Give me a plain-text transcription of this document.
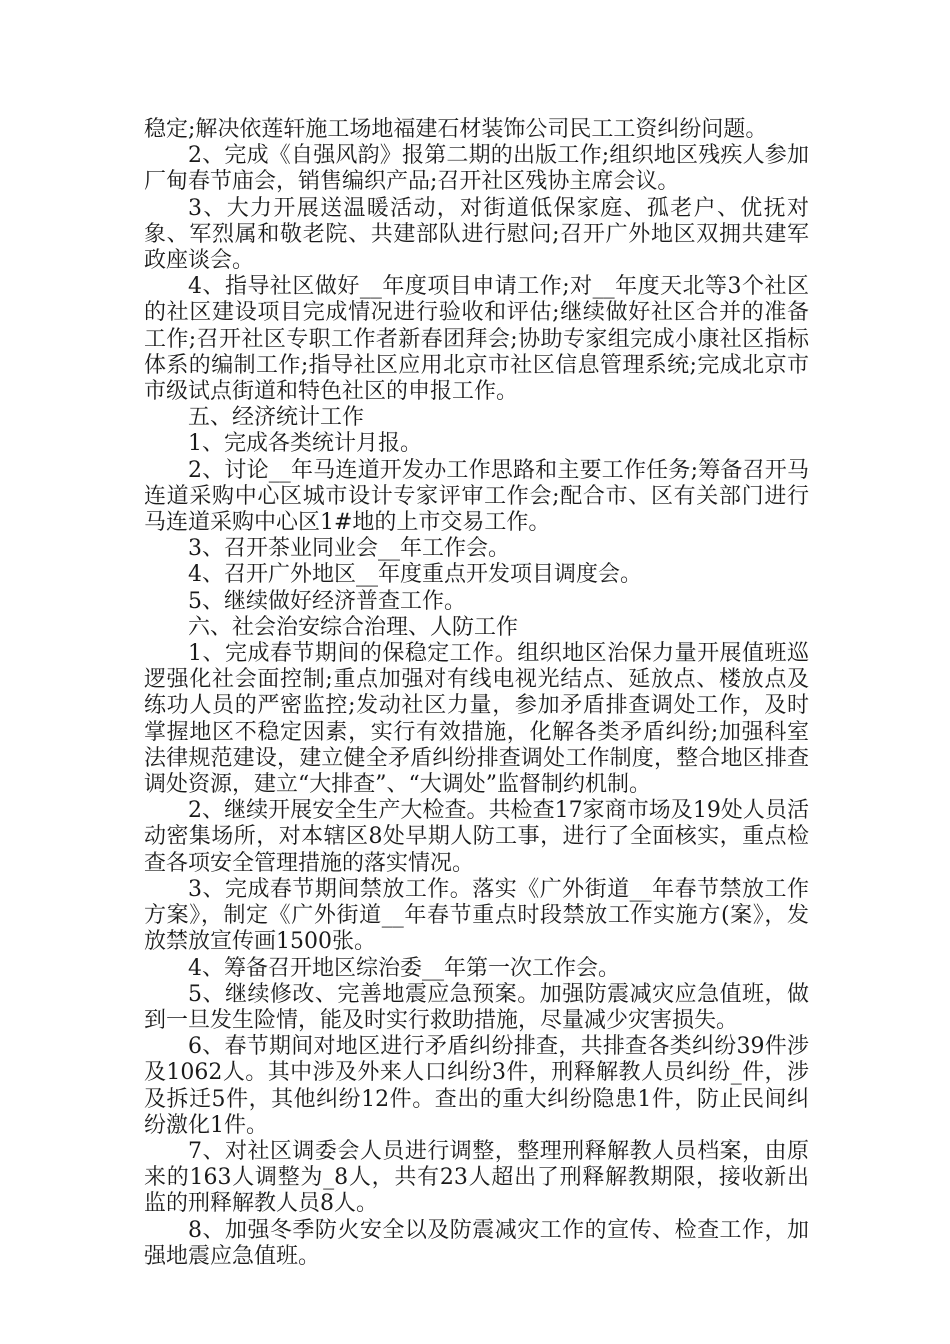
稳定;解决依莲轩施工场地福建石材装饰公司民工工资纠纷问题。

2、完成《自强风韵》报第二期的出版工作;组织地区残疾人参加厂甸春节庙会，销售编织产品;召开社区残协主席会议。

3、大力开展送温暖活动，对街道低保家庭、孤老户、优抚对象、军烈属和敬老院、共建部队进行慰问;召开广外地区双拥共建军政座谈会。

4、指导社区做好__年度项目申请工作;对__年度天北等3个社区的社区建设项目完成情况进行验收和评估;继续做好社区合并的准备工作;召开社区专职工作者新春团拜会;协助专家组完成小康社区指标体系的编制工作;指导社区应用北京市社区信息管理系统;完成北京市市级试点街道和特色社区的申报工作。

五、经济统计工作

1、完成各类统计月报。

2、讨论__年马连道开发办工作思路和主要工作任务;筹备召开马连道采购中心区城市设计专家评审工作会;配合市、区有关部门进行马连道采购中心区1#地的上市交易工作。

3、召开茶业同业会__年工作会。

4、召开广外地区__年度重点开发项目调度会。

5、继续做好经济普查工作。

六、社会治安综合治理、人防工作

1、完成春节期间的保稳定工作。组织地区治保力量开展值班巡逻强化社会面控制;重点加强对有线电视光结点、延放点、楼放点及练功人员的严密监控;发动社区力量，参加矛盾排查调处工作，及时掌握地区不稳定因素，实行有效措施，化解各类矛盾纠纷;加强科室法律规范建设，建立健全矛盾纠纷排查调处工作制度，整合地区排查调处资源，建立“大排查”、“大调处”监督制约机制。

2、继续开展安全生产大检查。共检查17家商市场及19处人员活动密集场所，对本辖区8处早期人防工事，进行了全面核实，重点检查各项安全管理措施的落实情况。

3、完成春节期间禁放工作。落实《广外街道__年春节禁放工作方案》，制定《广外街道__年春节重点时段禁放工作实施方(案》，发放禁放宣传画1500张。

4、筹备召开地区综治委__年第一次工作会。

5、继续修改、完善地震应急预案。加强防震减灾应急值班，做到一旦发生险情，能及时实行救助措施，尽量减少灾害损失。

6、春节期间对地区进行矛盾纠纷排查，共排查各类纠纷39件涉及1062人。其中涉及外来人口纠纷3件，刑释解教人员纠纷_件，涉及拆迁5件，其他纠纷12件。查出的重大纠纷隐患1件，防止民间纠纷激化1件。

7、对社区调委会人员进行调整，整理刑释解教人员档案，由原来的163人调整为_8人，共有23人超出了刑释解教期限，接收新出监的刑释解教人员8人。

8、加强冬季防火安全以及防震减灾工作的宣传、检查工作，加强地震应急值班。
